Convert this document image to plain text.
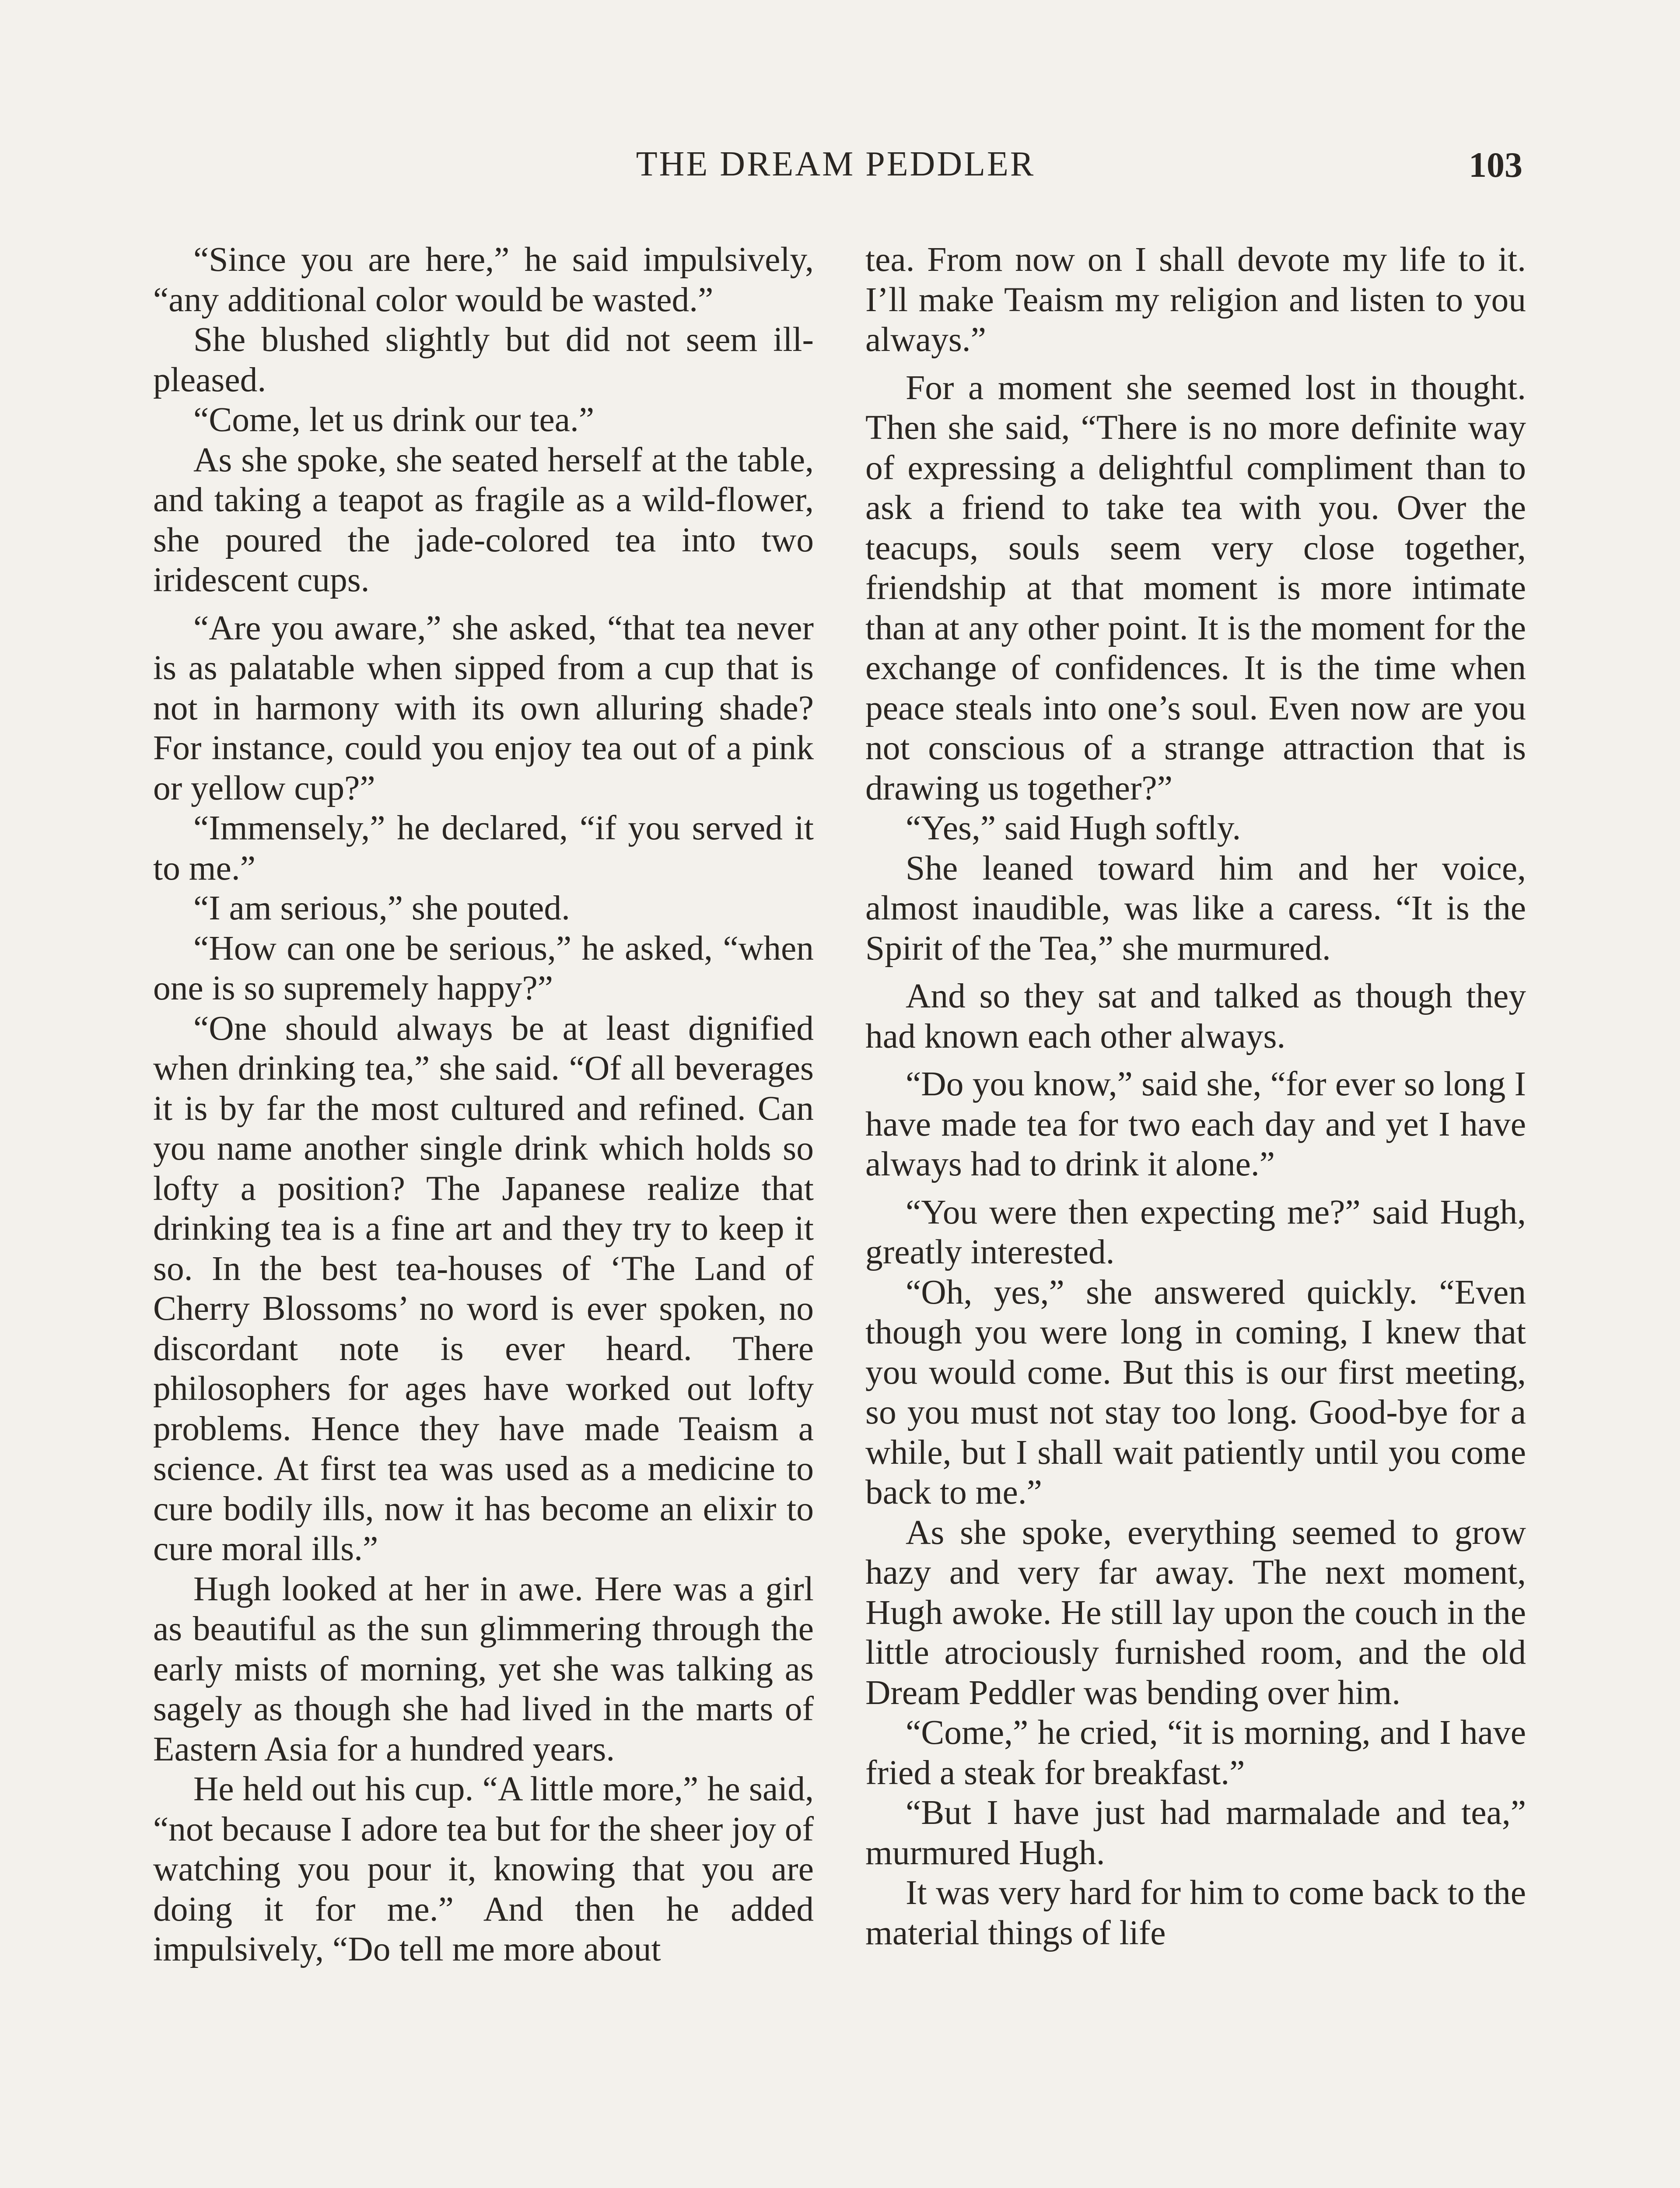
THE DREAM PEDDLER	103

“Since you are here,” he said impulsively, “any additional color would be wasted.”

She blushed slightly but did not seem ill-pleased.

“Come, let us drink our tea.”

As she spoke, she seated herself at the table, and taking a teapot as fragile as a wild-flower, she poured the jade-colored tea into two iridescent cups.

“Are you aware,” she asked, “that tea never is as palatable when sipped from a cup that is not in harmony with its own alluring shade? For instance, could you enjoy tea out of a pink or yellow cup?”

“Immensely,” he declared, “if you served it to me.”

“I am serious,” she pouted.

“How can one be serious,” he asked, “when one is so supremely happy?”

“One should always be at least dignified when drinking tea,” she said. “Of all beverages it is by far the most cultured and refined. Can you name another single drink which holds so lofty a position? The Japanese realize that drinking tea is a fine art and they try to keep it so. In the best tea-houses of ‘The Land of Cherry Blossoms’ no word is ever spoken, no discordant note is ever heard. There philosophers for ages have worked out lofty problems. Hence they have made Teaism a science. At first tea was used as a medicine to cure bodily ills, now it has become an elixir to cure moral ills.”

Hugh looked at her in awe. Here was a girl as beautiful as the sun glimmering through the early mists of morning, yet she was talking as sagely as though she had lived in the marts of Eastern Asia for a hundred years.

He held out his cup. “A little more,” he said, “not because I adore tea but for the sheer joy of watching you pour it, knowing that you are doing it for me.” And then he added impulsively, “Do tell me more about

tea. From now on I shall devote my life to it. I’ll make Teaism my religion and listen to you always.”

For a moment she seemed lost in thought. Then she said, “There is no more definite way of expressing a delightful compliment than to ask a friend to take tea with you. Over the teacups, souls seem very close together, friendship at that moment is more intimate than at any other point. It is the moment for the exchange of confidences. It is the time when peace steals into one’s soul. Even now are you not conscious of a strange attraction that is drawing us together?”

“Yes,” said Hugh softly.

She leaned toward him and her voice, almost inaudible, was like a caress. “It is the Spirit of the Tea,” she murmured.

And so they sat and talked as though they had known each other always.

“Do you know,” said she, “for ever so long I have made tea for two each day and yet I have always had to drink it alone.”

“You were then expecting me?” said Hugh, greatly interested.

“Oh, yes,” she answered quickly. “Even though you were long in coming, I knew that you would come. But this is our first meeting, so you must not stay too long. Good-bye for a while, but I shall wait patiently until you come back to me.”

As she spoke, everything seemed to grow hazy and very far away. The next moment, Hugh awoke. He still lay upon the couch in the little atrociously furnished room, and the old Dream Peddler was bending over him.

“Come,” he cried, “it is morning, and I have fried a steak for breakfast.”

“But I have just had marmalade and tea,” murmured Hugh.

It was very hard for him to come back to the material things of life
